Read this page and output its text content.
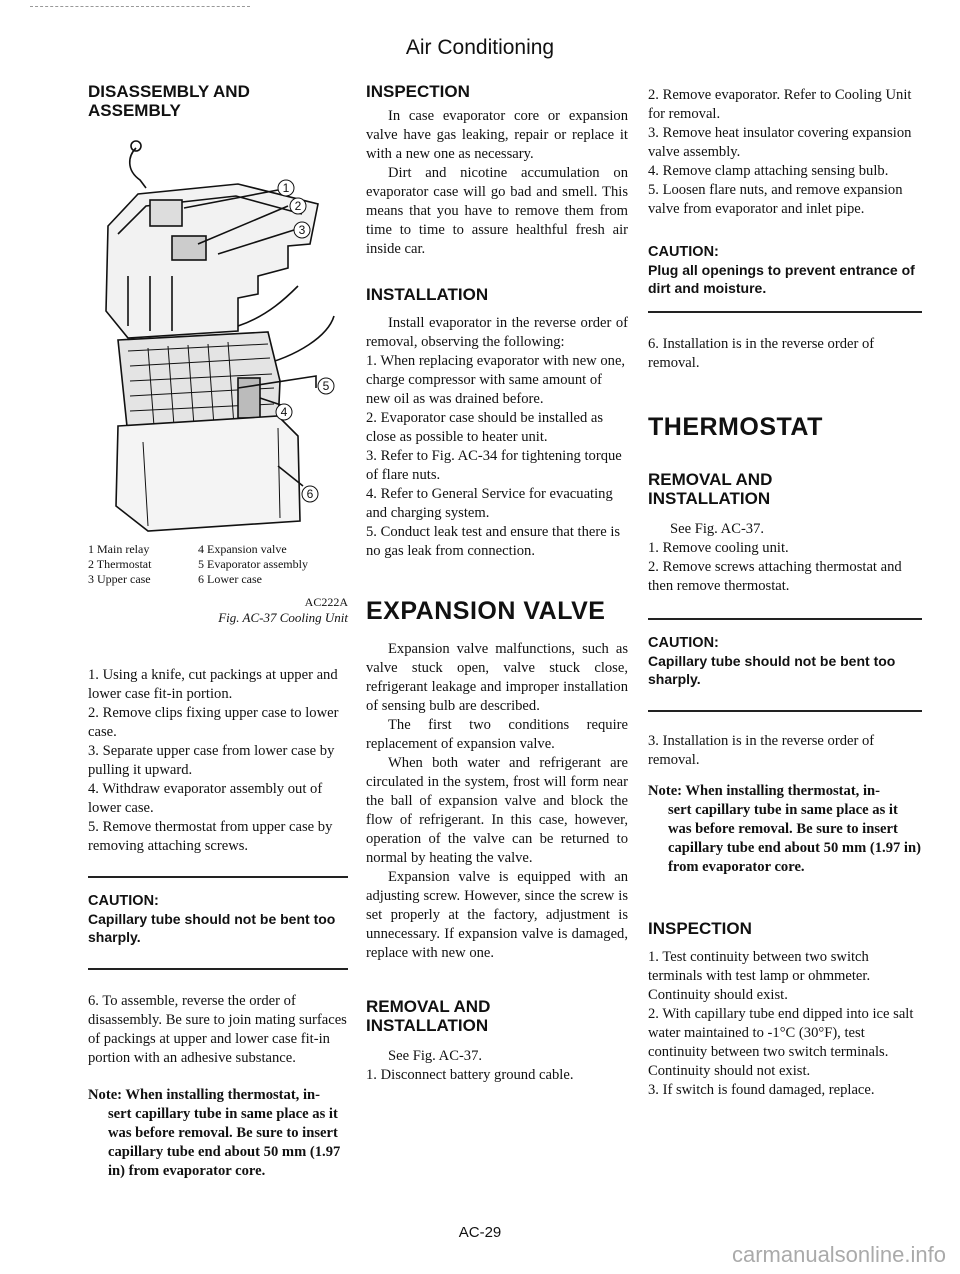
Air Conditioning
DISASSEMBLY AND ASSEMBLY
1
2
3
4
5
6
1 Main relay	4 Expansion valve
2 Thermostat	5 Evaporator assembly
3 Upper case	6 Lower case
AC222A
Fig. AC-37 Cooling Unit

1. Using a knife, cut packings at upper and lower case fit-in portion.

2. Remove clips fixing upper case to lower case.

3. Separate upper case from lower case by pulling it upward.

4. Withdraw evaporator assembly out of lower case.

5. Remove thermostat from upper case by removing attaching screws.

CAUTION:
Capillary tube should not be bent too sharply.

6. To assemble, reverse the order of disassembly. Be sure to join mating surfaces of packings at upper and lower case fit-in portion with an adhesive substance.

Note: When installing thermostat, in-
sert capillary tube in same place as it was before removal. Be sure to insert capillary tube end about 50 mm (1.97 in) from evaporator core.
INSPECTION

In case evaporator core or expansion valve have gas leaking, repair or replace it with a new one as necessary.

Dirt and nicotine accumulation on evaporator case will go bad and smell. This means that you have to remove them from time to time to assure healthful fresh air inside car.

INSTALLATION

Install evaporator in the reverse order of removal, observing the following:

1. When replacing evaporator with new one, charge compressor with same amount of new oil as was drained before.

2. Evaporator case should be installed as close as possible to heater unit.

3. Refer to Fig. AC-34 for tightening torque of flare nuts.

4. Refer to General Service for evacuating and charging system.

5. Conduct leak test and ensure that there is no gas leak from connection.

EXPANSION VALVE

Expansion valve malfunctions, such as valve stuck open, valve stuck close, refrigerant leakage and improper installation of sensing bulb are described.

The first two conditions require replacement of expansion valve.

When both water and refrigerant are circulated in the system, frost will form near the ball of expansion valve and block the flow of refrigerant. In this case, however, operation of the valve can be returned to normal by heating the valve.

Expansion valve is equipped with an adjusting screw. However, since the screw is set properly at the factory, adjustment is unnecessary. If expansion valve is damaged, replace with new one.

REMOVAL AND INSTALLATION

See Fig. AC-37.

1. Disconnect battery ground cable.

2. Remove evaporator. Refer to Cooling Unit for removal.

3. Remove heat insulator covering expansion valve assembly.

4. Remove clamp attaching sensing bulb.

5. Loosen flare nuts, and remove expansion valve from evaporator and inlet pipe.

CAUTION:
Plug all openings to prevent entrance of dirt and moisture.

6. Installation is in the reverse order of removal.

THERMOSTAT
REMOVAL AND INSTALLATION

See Fig. AC-37.

1. Remove cooling unit.

2. Remove screws attaching thermostat and then remove thermostat.

CAUTION:
Capillary tube should not be bent too sharply.

3. Installation is in the reverse order of removal.

Note: When installing thermostat, in-
sert capillary tube in same place as it was before removal. Be sure to insert capillary tube end about 50 mm (1.97 in) from evaporator core.
INSPECTION

1. Test continuity between two switch terminals with test lamp or ohmmeter. Continuity should exist.

2. With capillary tube end dipped into ice salt water maintained to -1°C (30°F), test continuity between two switch terminals. Continuity should not exist.

3. If switch is found damaged, replace.

AC-29
carmanualsonline.info
